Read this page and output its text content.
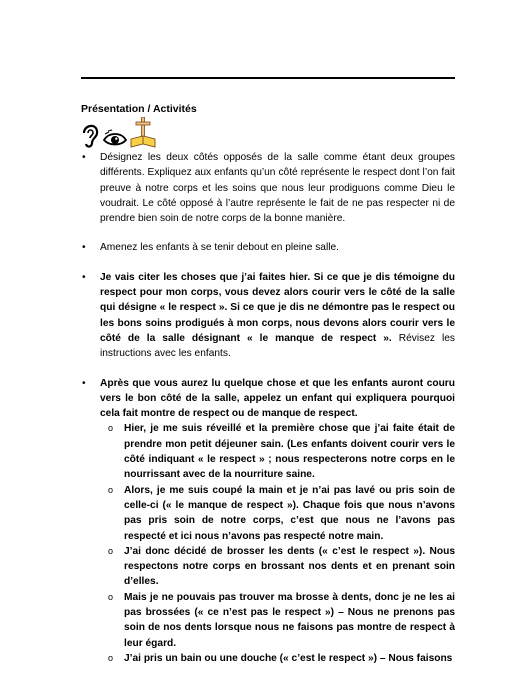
Présentation / Activités

• Désignez les deux côtés opposés de la salle comme étant deux groupes différents. Expliquez aux enfants qu’un côté représente le respect dont l’on fait preuve à notre corps et les soins que nous leur prodiguons comme Dieu le voudrait. Le côté opposé à l’autre représente le fait de ne pas respecter ni de prendre bien soin de notre corps de la bonne manière.

• Amenez les enfants à se tenir debout en pleine salle.

• Je vais citer les choses que j’ai faites hier. Si ce que je dis témoigne du respect pour mon corps, vous devez alors courir vers le côté de la salle qui désigne « le respect ». Si ce que je dis ne démontre pas le respect ou les bons soins prodigués à mon corps, nous devons alors courir vers le côté de la salle désignant « le manque de respect ». Révisez les instructions avec les enfants.

• Après que vous aurez lu quelque chose et que les enfants auront couru vers le bon côté de la salle, appelez un enfant qui expliquera pourquoi cela fait montre de respect ou de manque de respect.

o Hier, je me suis réveillé et la première chose que j’ai faite était de prendre mon petit déjeuner sain. (Les enfants doivent courir vers le côté indiquant « le respect » ; nous respecterons notre corps en le nourrissant avec de la nourriture saine.
o Alors, je me suis coupé la main et je n’ai pas lavé ou pris soin de celle-ci (« le manque de respect »). Chaque fois que nous n’avons pas pris soin de notre corps, c’est que nous ne l’avons pas respecté et ici nous n’avons pas respecté notre main.
o J’ai donc décidé de brosser les dents (« c’est le respect »). Nous respectons notre corps en brossant nos dents et en prenant soin d’elles.
o Mais je ne pouvais pas trouver ma brosse à dents, donc je ne les ai pas brossées (« ce n’est pas le respect ») – Nous ne prenons pas soin de nos dents lorsque nous ne faisons pas montre de respect à leur égard.
o J’ai pris un bain ou une douche (« c’est le respect ») – Nous faisons
